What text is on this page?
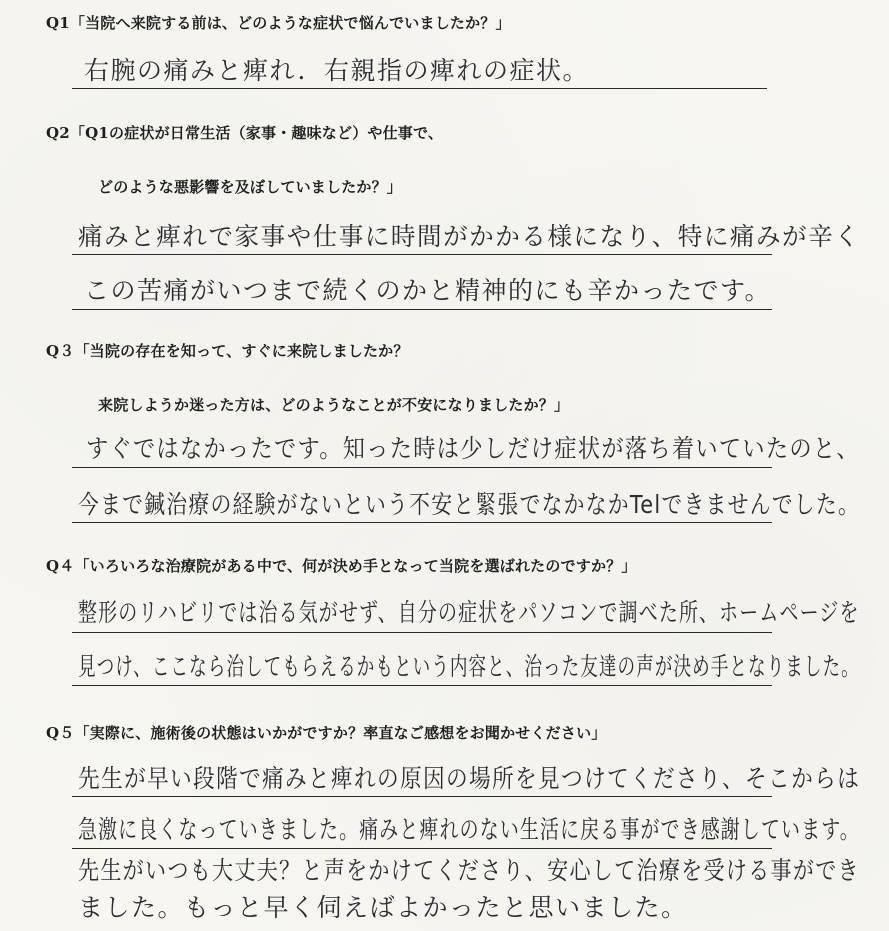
Q1「当院へ来院する前は、どのような症状で悩んでいましたか？」
右腕の痛みと痺れ．右親指の痺れの症状。
Q2「Q1の症状が日常生活（家事・趣味など）や仕事で、
どのような悪影響を及ぼしていましたか？」
痛みと痺れで家事や仕事に時間がかかる様になり、特に痛みが辛く
この苦痛がいつまで続くのかと精神的にも辛かったです。
Q３「当院の存在を知って、すぐに来院しましたか？
来院しようか迷った方は、どのようなことが不安になりましたか？」
すぐではなかったです。知った時は少しだけ症状が落ち着いていたのと、
今まで鍼治療の経験がないという不安と緊張でなかなかTelできませんでした。
Q４「いろいろな治療院がある中で、何が決め手となって当院を選ばれたのですか？」
整形のリハビリでは治る気がせず、自分の症状をパソコンで調べた所、ホームページを
見つけ、ここなら治してもらえるかもという内容と、治った友達の声が決め手となりました。
Q５「実際に、施術後の状態はいかがですか？率直なご感想をお聞かせください」
先生が早い段階で痛みと痺れの原因の場所を見つけてくださり、そこからは
急激に良くなっていきました。痛みと痺れのない生活に戻る事ができ感謝しています。
先生がいつも大丈夫？と声をかけてくださり、安心して治療を受ける事ができ
ました。もっと早く伺えばよかったと思いました。
